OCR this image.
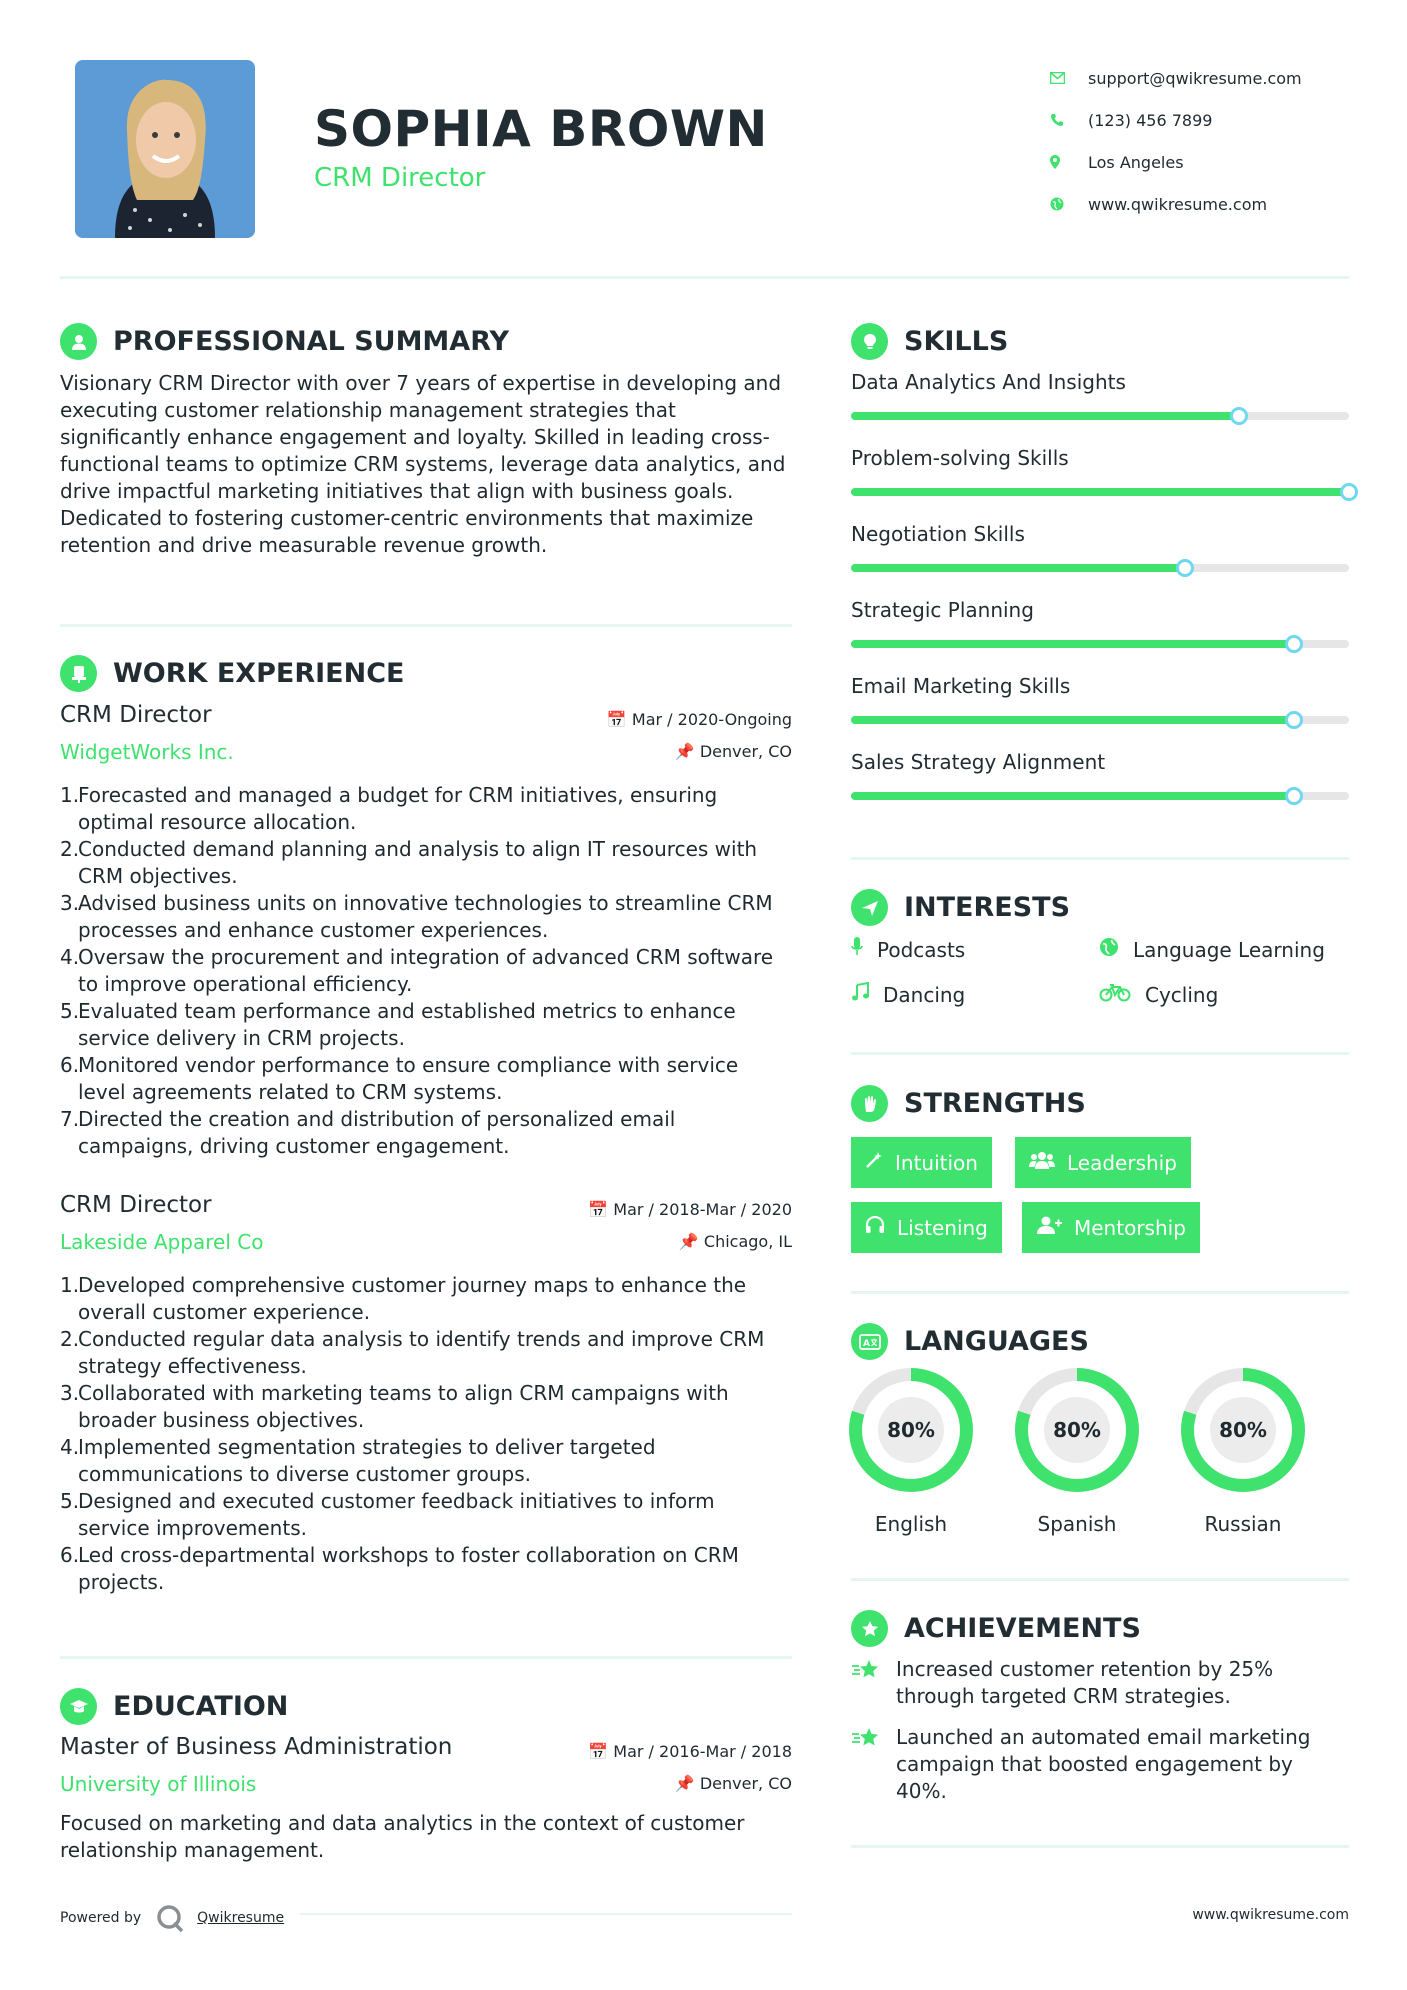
SOPHIA BROWN
CRM Director
support@qwikresume.com
(123) 456 7899
Los Angeles
www.qwikresume.com
PROFESSIONAL SUMMARY
Visionary CRM Director with over 7 years of expertise in developing and executing customer relationship management strategies that significantly enhance engagement and loyalty. Skilled in leading cross-functional teams to optimize CRM systems, leverage data analytics, and drive impactful marketing initiatives that align with business goals. Dedicated to fostering customer-centric environments that maximize retention and drive measurable revenue growth.
WORK EXPERIENCE
CRM Director
WidgetWorks Inc.
📅 Mar / 2020-Ongoing
📌 Denver, CO
1.
Forecasted and managed a budget for CRM initiatives, ensuring optimal resource allocation.
2.
Conducted demand planning and analysis to align IT resources with CRM objectives.
3.
Advised business units on innovative technologies to streamline CRM processes and enhance customer experiences.
4.
Oversaw the procurement and integration of advanced CRM software to improve operational efficiency.
5.
Evaluated team performance and established metrics to enhance service delivery in CRM projects.
6.
Monitored vendor performance to ensure compliance with service level agreements related to CRM systems.
7.
Directed the creation and distribution of personalized email campaigns, driving customer engagement.
CRM Director
Lakeside Apparel Co
📅 Mar / 2018-Mar / 2020
📌 Chicago, IL
1.
Developed comprehensive customer journey maps to enhance the overall customer experience.
2.
Conducted regular data analysis to identify trends and improve CRM strategy effectiveness.
3.
Collaborated with marketing teams to align CRM campaigns with broader business objectives.
4.
Implemented segmentation strategies to deliver targeted communications to diverse customer groups.
5.
Designed and executed customer feedback initiatives to inform service improvements.
6.
Led cross-departmental workshops to foster collaboration on CRM projects.
EDUCATION
Master of Business Administration
University of Illinois
📅 Mar / 2016-Mar / 2018
📌 Denver, CO
Focused on marketing and data analytics in the context of customer relationship management.
SKILLS
Data Analytics And Insights
Problem-solving Skills
Negotiation Skills
Strategic Planning
Email Marketing Skills
Sales Strategy Alignment
INTERESTS
Podcasts	Language Learning
Dancing	Cycling
STRENGTHS
Intuition	Leadership
Listening	Mentorship
A LANGUAGES
80%
English
80%
Spanish
80%
Russian
ACHIEVEMENTS
Increased customer retention by 25% through targeted CRM strategies.
Launched an automated email marketing campaign that boosted engagement by 40%.
Powered by	Qwikresume	www.qwikresume.com
